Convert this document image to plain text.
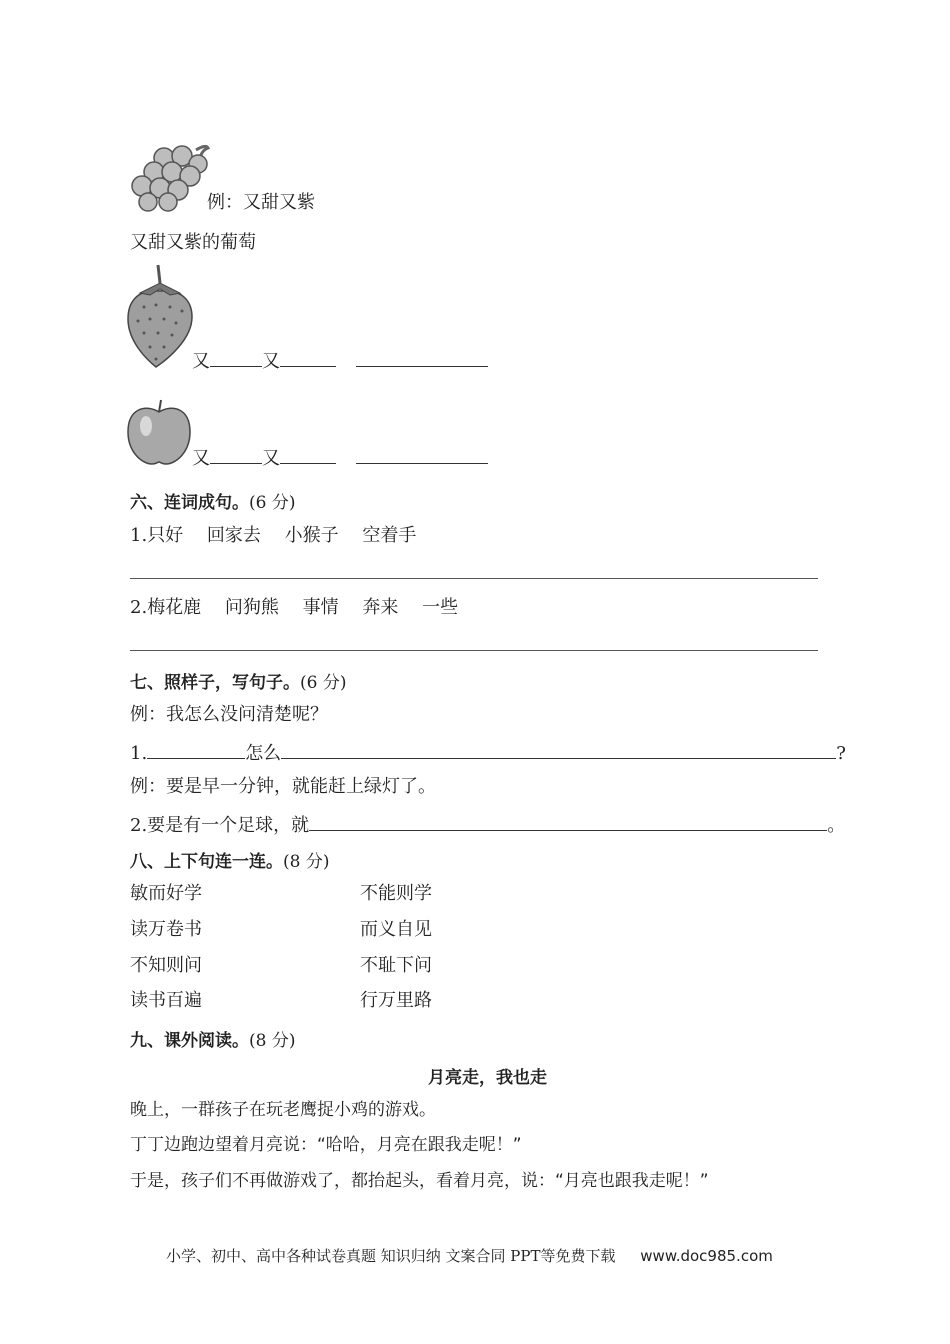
例：又甜又紫
又甜又紫的葡萄
又	又
又	又
六、连词成句。(6 分)
1.只好 回家去 小猴子 空着手
2.梅花鹿 问狗熊 事情 奔来 一些
七、照样子，写句子。(6 分)
例：我怎么没问清楚呢？
1.	怎么	?
例：要是早一分钟，就能赶上绿灯了。
2.要是有一个足球，就	。
八、上下句连一连。(8 分)
敏而好学	不能则学
读万卷书	而义自见
不知则问	不耻下问
读书百遍	行万里路
九、课外阅读。(8 分)
月亮走，我也走
晚上，一群孩子在玩老鹰捉小鸡的游戏。
丁丁边跑边望着月亮说：“哈哈，月亮在跟我走呢！”
于是，孩子们不再做游戏了，都抬起头，看着月亮，说：“月亮也跟我走呢！”
小学、初中、高中各种试卷真题 知识归纳 文案合同 PPT等免费下载 www.doc985.com
